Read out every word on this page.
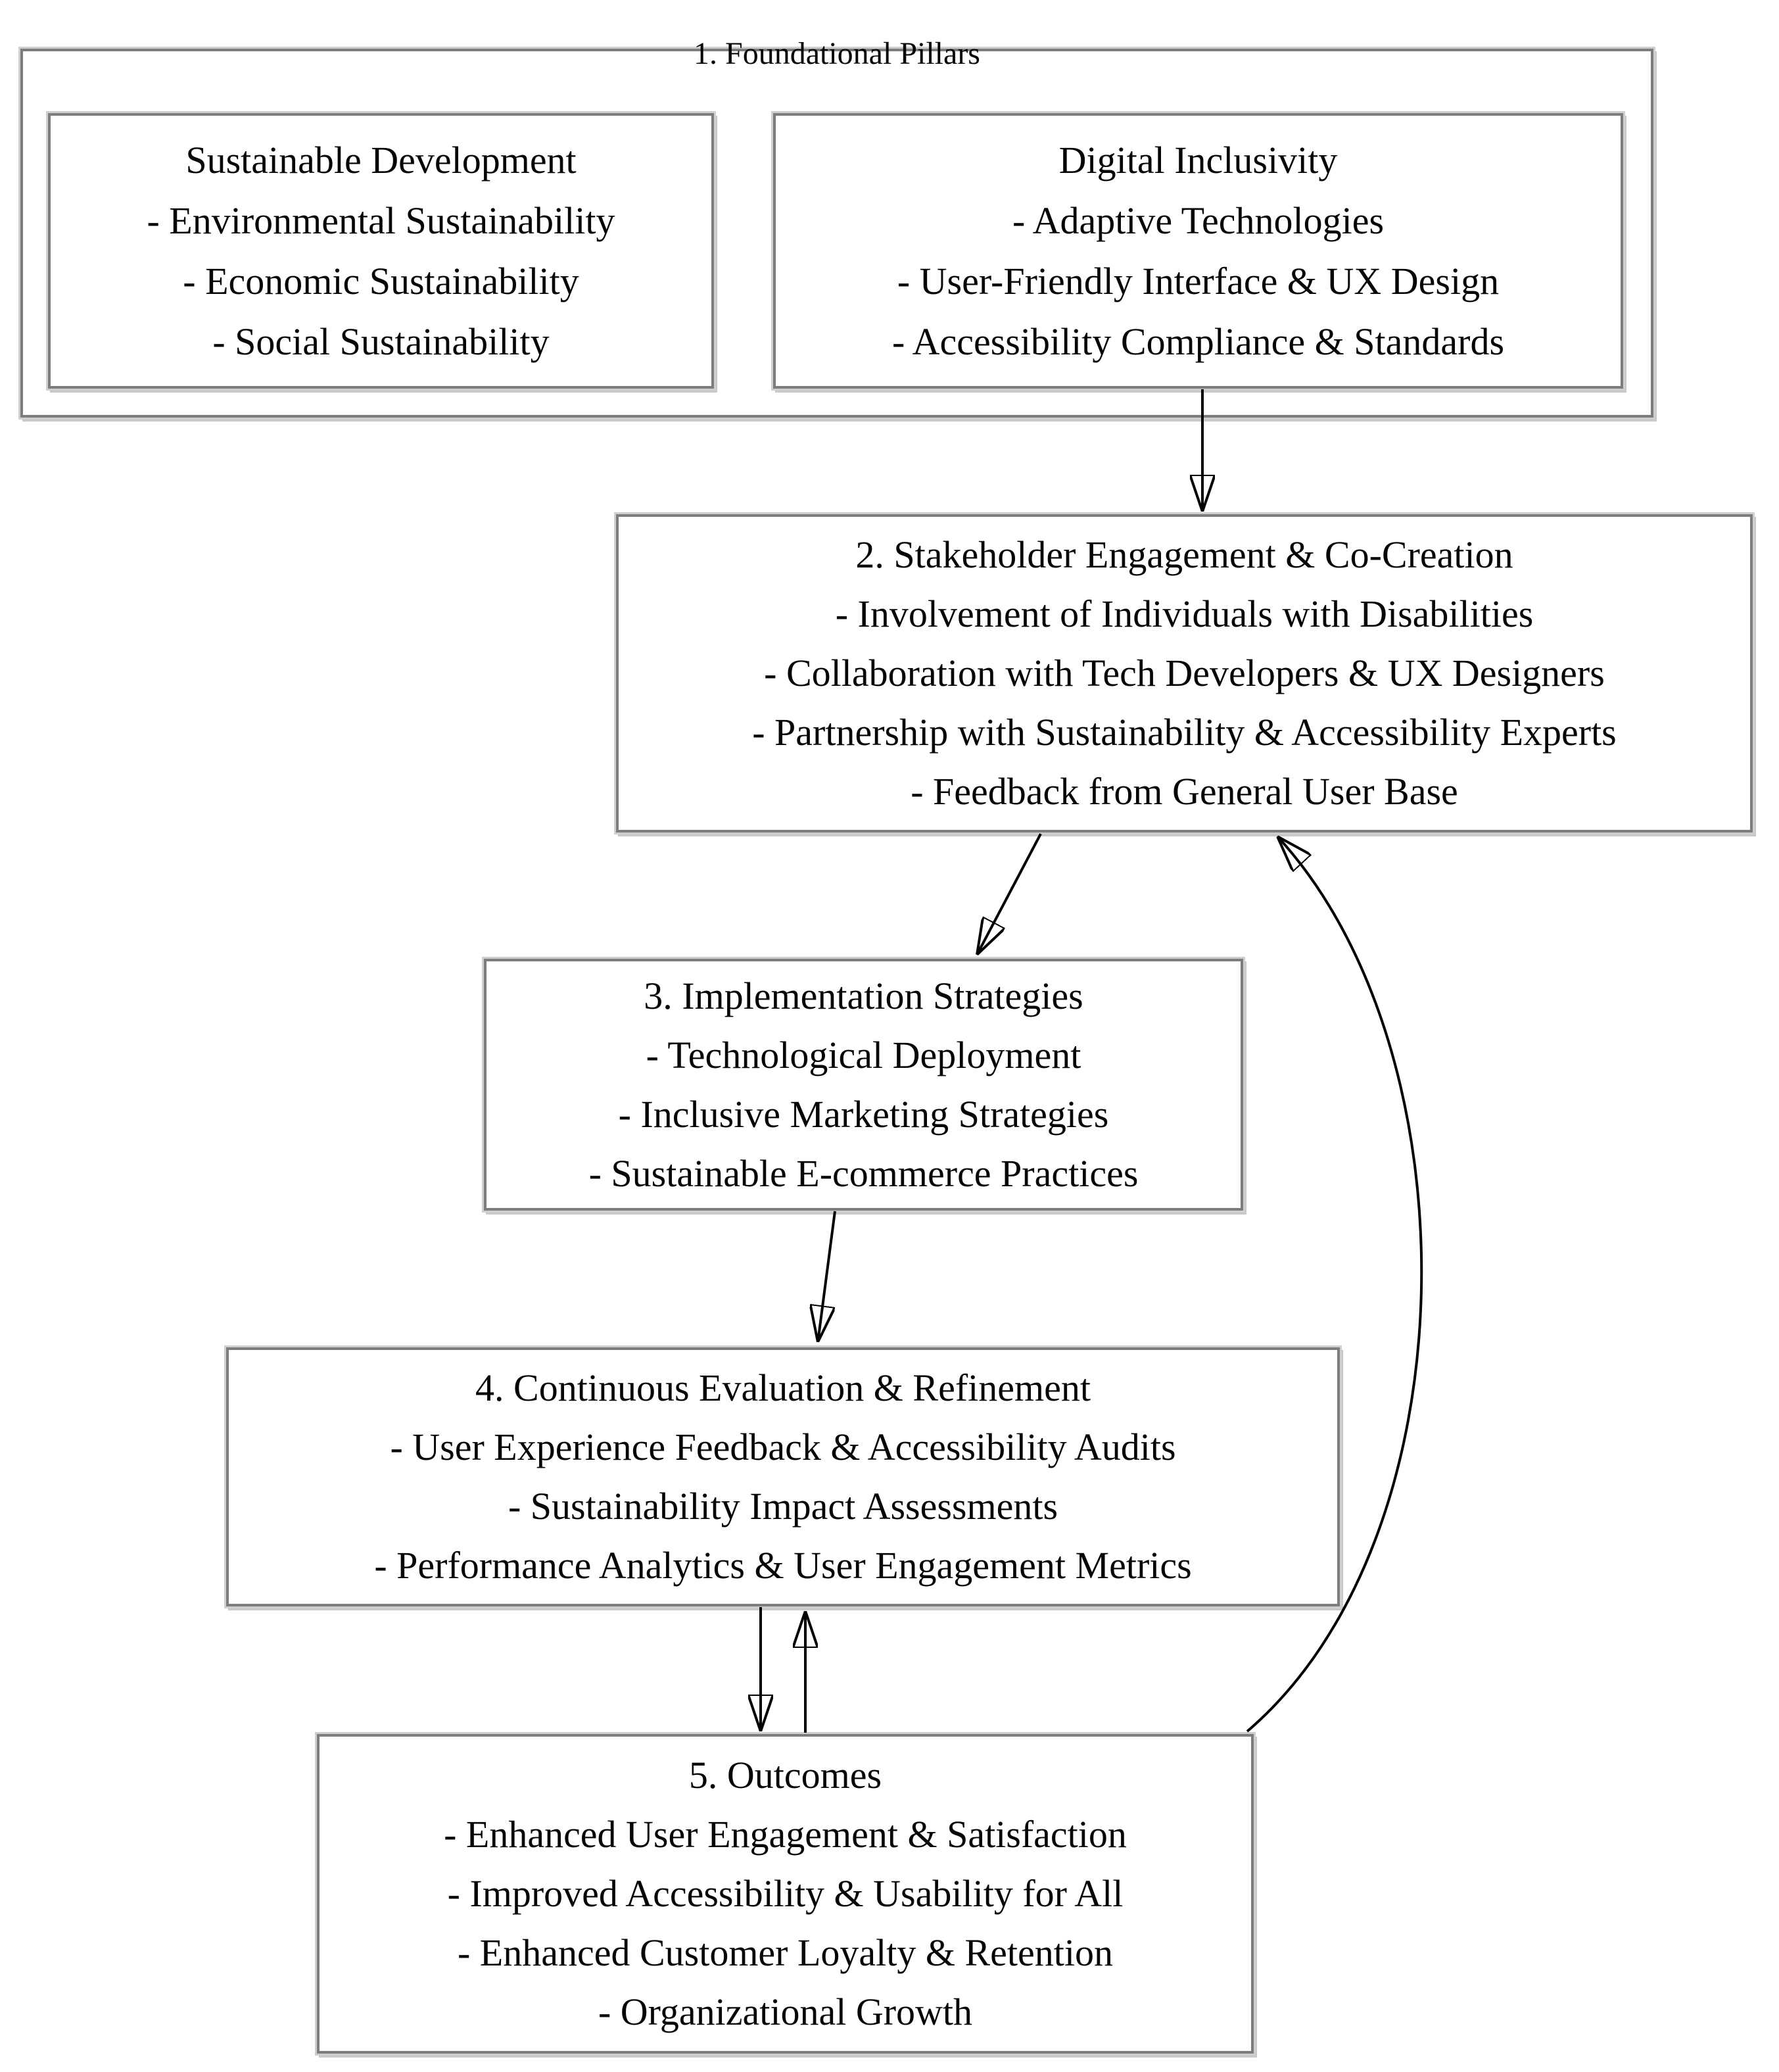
1. Foundational Pillars
Sustainable Development
- Environmental Sustainability
- Economic Sustainability
- Social Sustainability
Digital Inclusivity
- Adaptive Technologies
- User-Friendly Interface & UX Design
- Accessibility Compliance & Standards
2. Stakeholder Engagement & Co-Creation
- Involvement of Individuals with Disabilities
- Collaboration with Tech Developers & UX Designers
- Partnership with Sustainability & Accessibility Experts
- Feedback from General User Base
3. Implementation Strategies
- Technological Deployment
- Inclusive Marketing Strategies
- Sustainable E-commerce Practices
4. Continuous Evaluation & Refinement
- User Experience Feedback & Accessibility Audits
- Sustainability Impact Assessments
- Performance Analytics & User Engagement Metrics
5. Outcomes
- Enhanced User Engagement & Satisfaction
- Improved Accessibility & Usability for All
- Enhanced Customer Loyalty & Retention
- Organizational Growth
